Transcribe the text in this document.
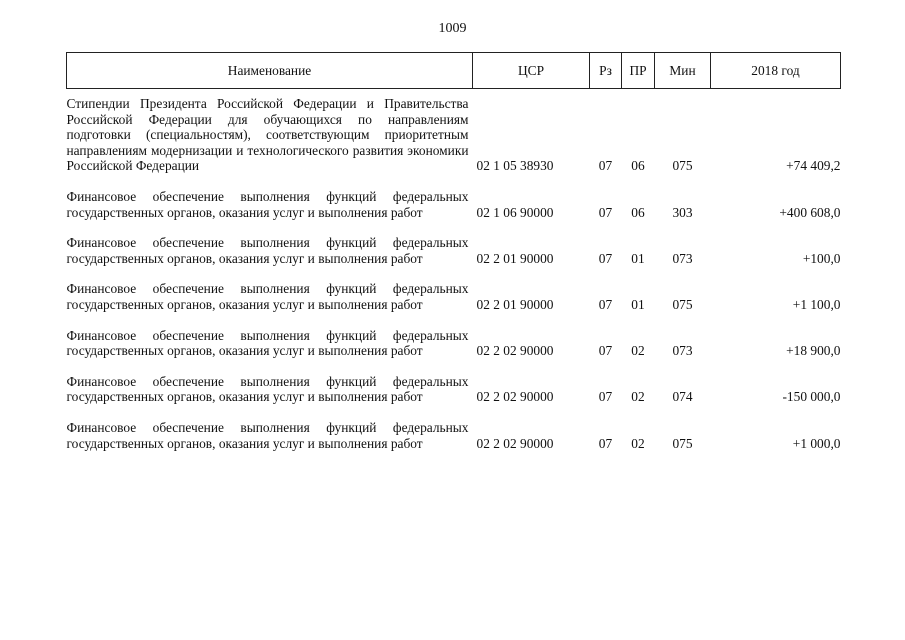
1009
Наименование	ЦСР	Рз	ПР	Мин	2018 год
Стипендии Президента Российской Федерации и Правительства Российской Федерации для обучающихся по направлениям подготовки (специальностям), соответствующим приоритетным направлениям модернизации и технологического развития экономики Российской Федерации	02 1 05 38930	07	06	075	+74 409,2
Финансовое обеспечение выполнения функций федеральных государственных органов, оказания услуг и выполнения работ	02 1 06 90000	07	06	303	+400 608,0
Финансовое обеспечение выполнения функций федеральных государственных органов, оказания услуг и выполнения работ	02 2 01 90000	07	01	073	+100,0
Финансовое обеспечение выполнения функций федеральных государственных органов, оказания услуг и выполнения работ	02 2 01 90000	07	01	075	+1 100,0
Финансовое обеспечение выполнения функций федеральных государственных органов, оказания услуг и выполнения работ	02 2 02 90000	07	02	073	+18 900,0
Финансовое обеспечение выполнения функций федеральных государственных органов, оказания услуг и выполнения работ	02 2 02 90000	07	02	074	-150 000,0
Финансовое обеспечение выполнения функций федеральных государственных органов, оказания услуг и выполнения работ	02 2 02 90000	07	02	075	+1 000,0
